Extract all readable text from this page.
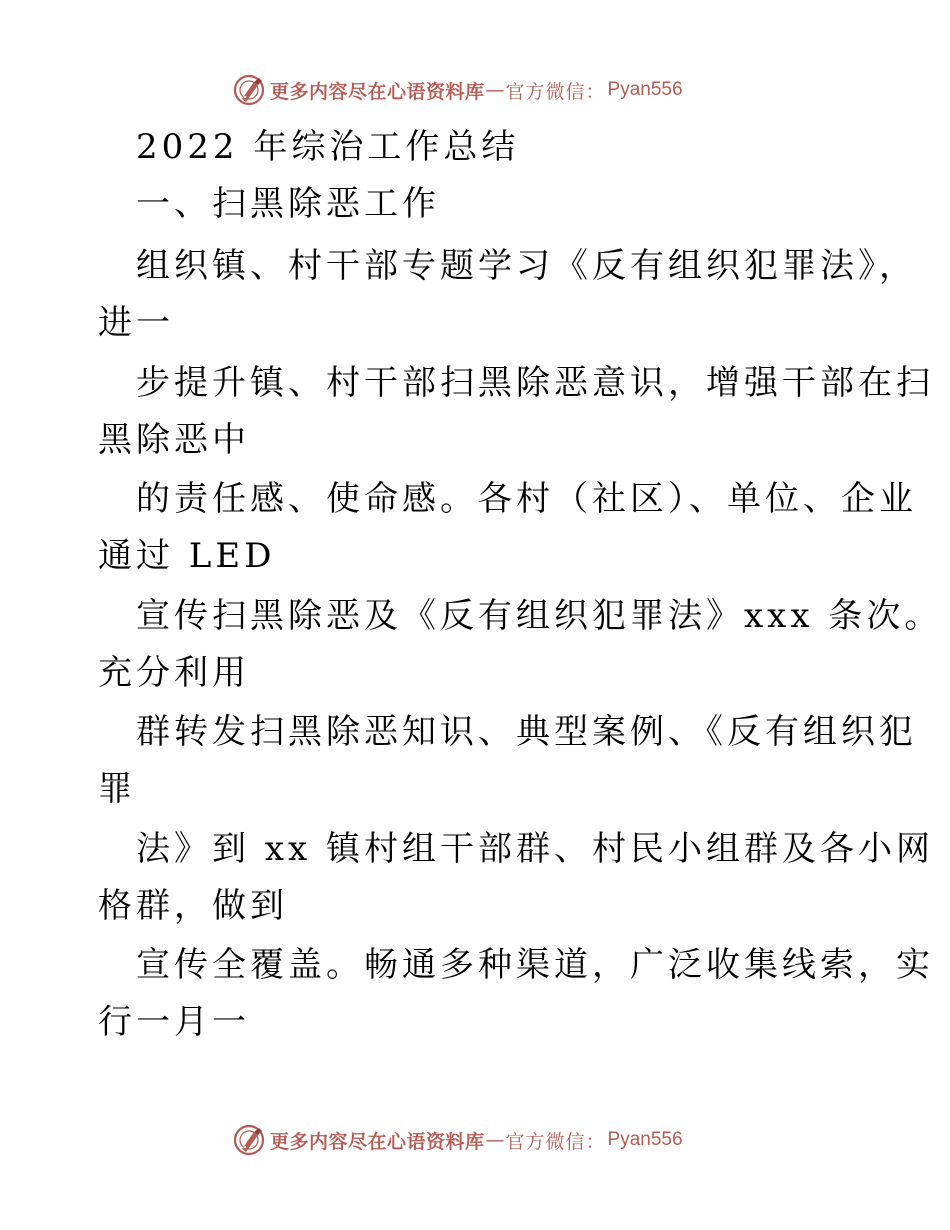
更多内容尽在心语资料库 — 官方微信： Pyan556
2022 年综治工作总结
一、扫黑除恶工作
组织镇、村干部专题学习《反有组织犯罪法》，
进一
步提升镇、村干部扫黑除恶意识，增强干部在扫
黑除恶中
的责任感、使命感。各村（社区）、单位、企业
通过 LED
宣传扫黑除恶及《反有组织犯罪法》xxx 条次。
充分利用
群转发扫黑除恶知识、典型案例、《反有组织犯
罪
法》到 xx 镇村组干部群、村民小组群及各小网
格群，做到
宣传全覆盖。畅通多种渠道，广泛收集线索，实
行一月一
更多内容尽在心语资料库 — 官方微信： Pyan556
